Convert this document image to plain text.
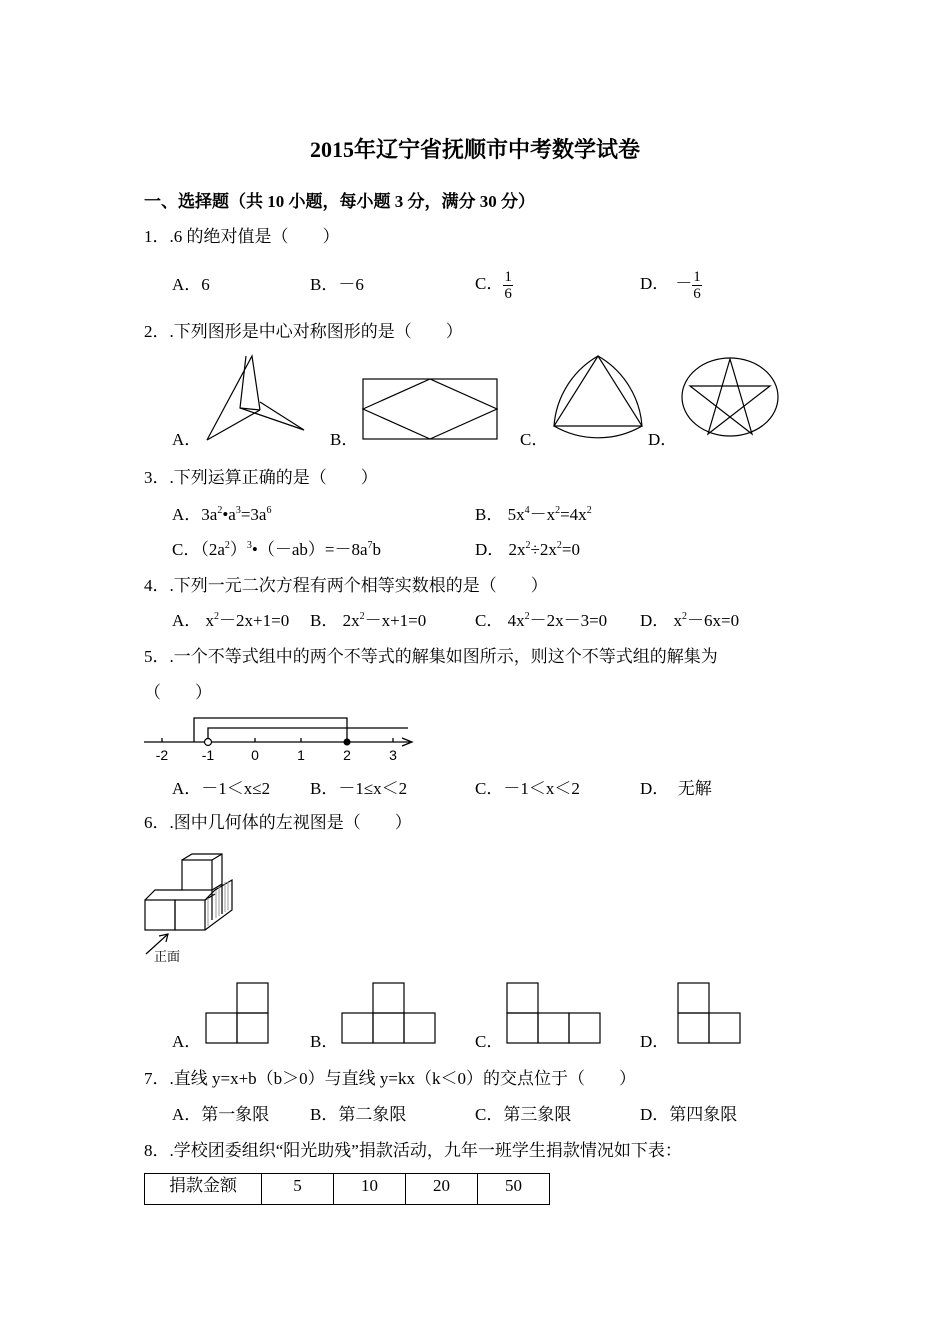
2015年辽宁省抚顺市中考数学试卷
一、选择题（共 10 小题，每小题 3 分，满分 30 分）
1．.6 的绝对值是（　　）
A．6	B．－6	C． $\frac{1}{6}$	D． － $\frac{1}{6}$
2．.下列图形是中心对称图形的是（　　）
A．	B．	C．	D．
3．.下列运算正确的是（　　）
A．$3a^2•a^3=3a^6$	B． $5x^4-x^2=4x^2$
C．$(2a^2)^3•(-ab)=-8a^7b$	D． $2x^2\div 2x^2=0$
4．.下列一元二次方程有两个相等实数根的是（　　）
A． $x^2-2x+1=0$ B． $2x^2-x+1=0$	C． $4x^2-2x-3=0$ D． $x^2-6x=0$
5．.一个不等式组中的两个不等式的解集如图所示，则这个不等式组的解集为
（　　）
-2 -1	0	1	2	3
A．－1＜x≤2 B．－1≤x＜2	C．－1＜x＜2	D． 无解
6．.图中几何体的左视图是（　　）
正面
A．	B．	C．	D．
7．.直线 y=x+b（b＞0）与直线 y=kx（k＜0）的交点位于（　　）
A．第一象限 B．第二象限	C．第三象限	D．第四象限
8．.学校团委组织“阳光助残”捐款活动，九年一班学生捐款情况如下表：
捐款金额	5	10	20	50
